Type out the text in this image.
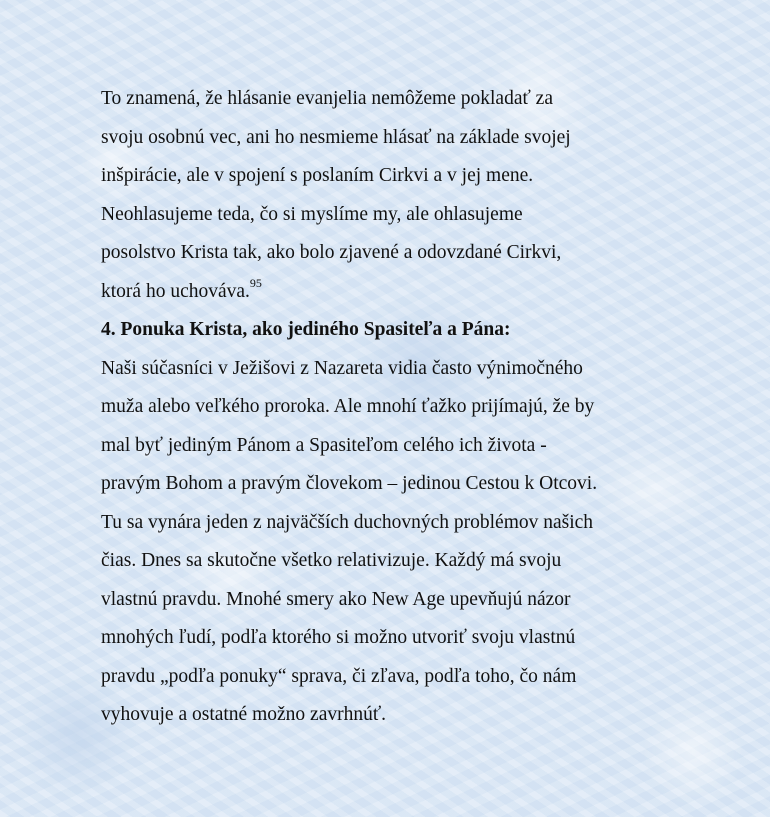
To znamená, že hlásanie evanjelia nemôžeme pokladať za
svoju osobnú vec, ani ho nesmieme hlásať na základe svojej
inšpirácie, ale v spojení s poslaním Cirkvi a v jej mene.
Neohlasujeme teda, čo si myslíme my, ale ohlasujeme
posolstvo Krista tak, ako bolo zjavené a odovzdané Cirkvi,
ktorá ho uchováva.$^{95}$
4. Ponuka Krista, ako jediného Spasiteľa a Pána:
Naši súčasníci v Ježišovi z Nazareta vidia často výnimočného
muža alebo veľkého proroka. Ale mnohí ťažko prijímajú, že by
mal byť jediným Pánom a Spasiteľom celého ich života -
pravým Bohom a pravým človekom – jedinou Cestou k Otcovi.
Tu sa vynára jeden z najväčších duchovných problémov našich
čias. Dnes sa skutočne všetko relativizuje. Každý má svoju
vlastnú pravdu. Mnohé smery ako New Age upevňujú názor
mnohých ľudí, podľa ktorého si možno utvoriť svoju vlastnú
pravdu „podľa ponuky“ sprava, či zľava, podľa toho, čo nám
vyhovuje a ostatné možno zavrhnúť.
